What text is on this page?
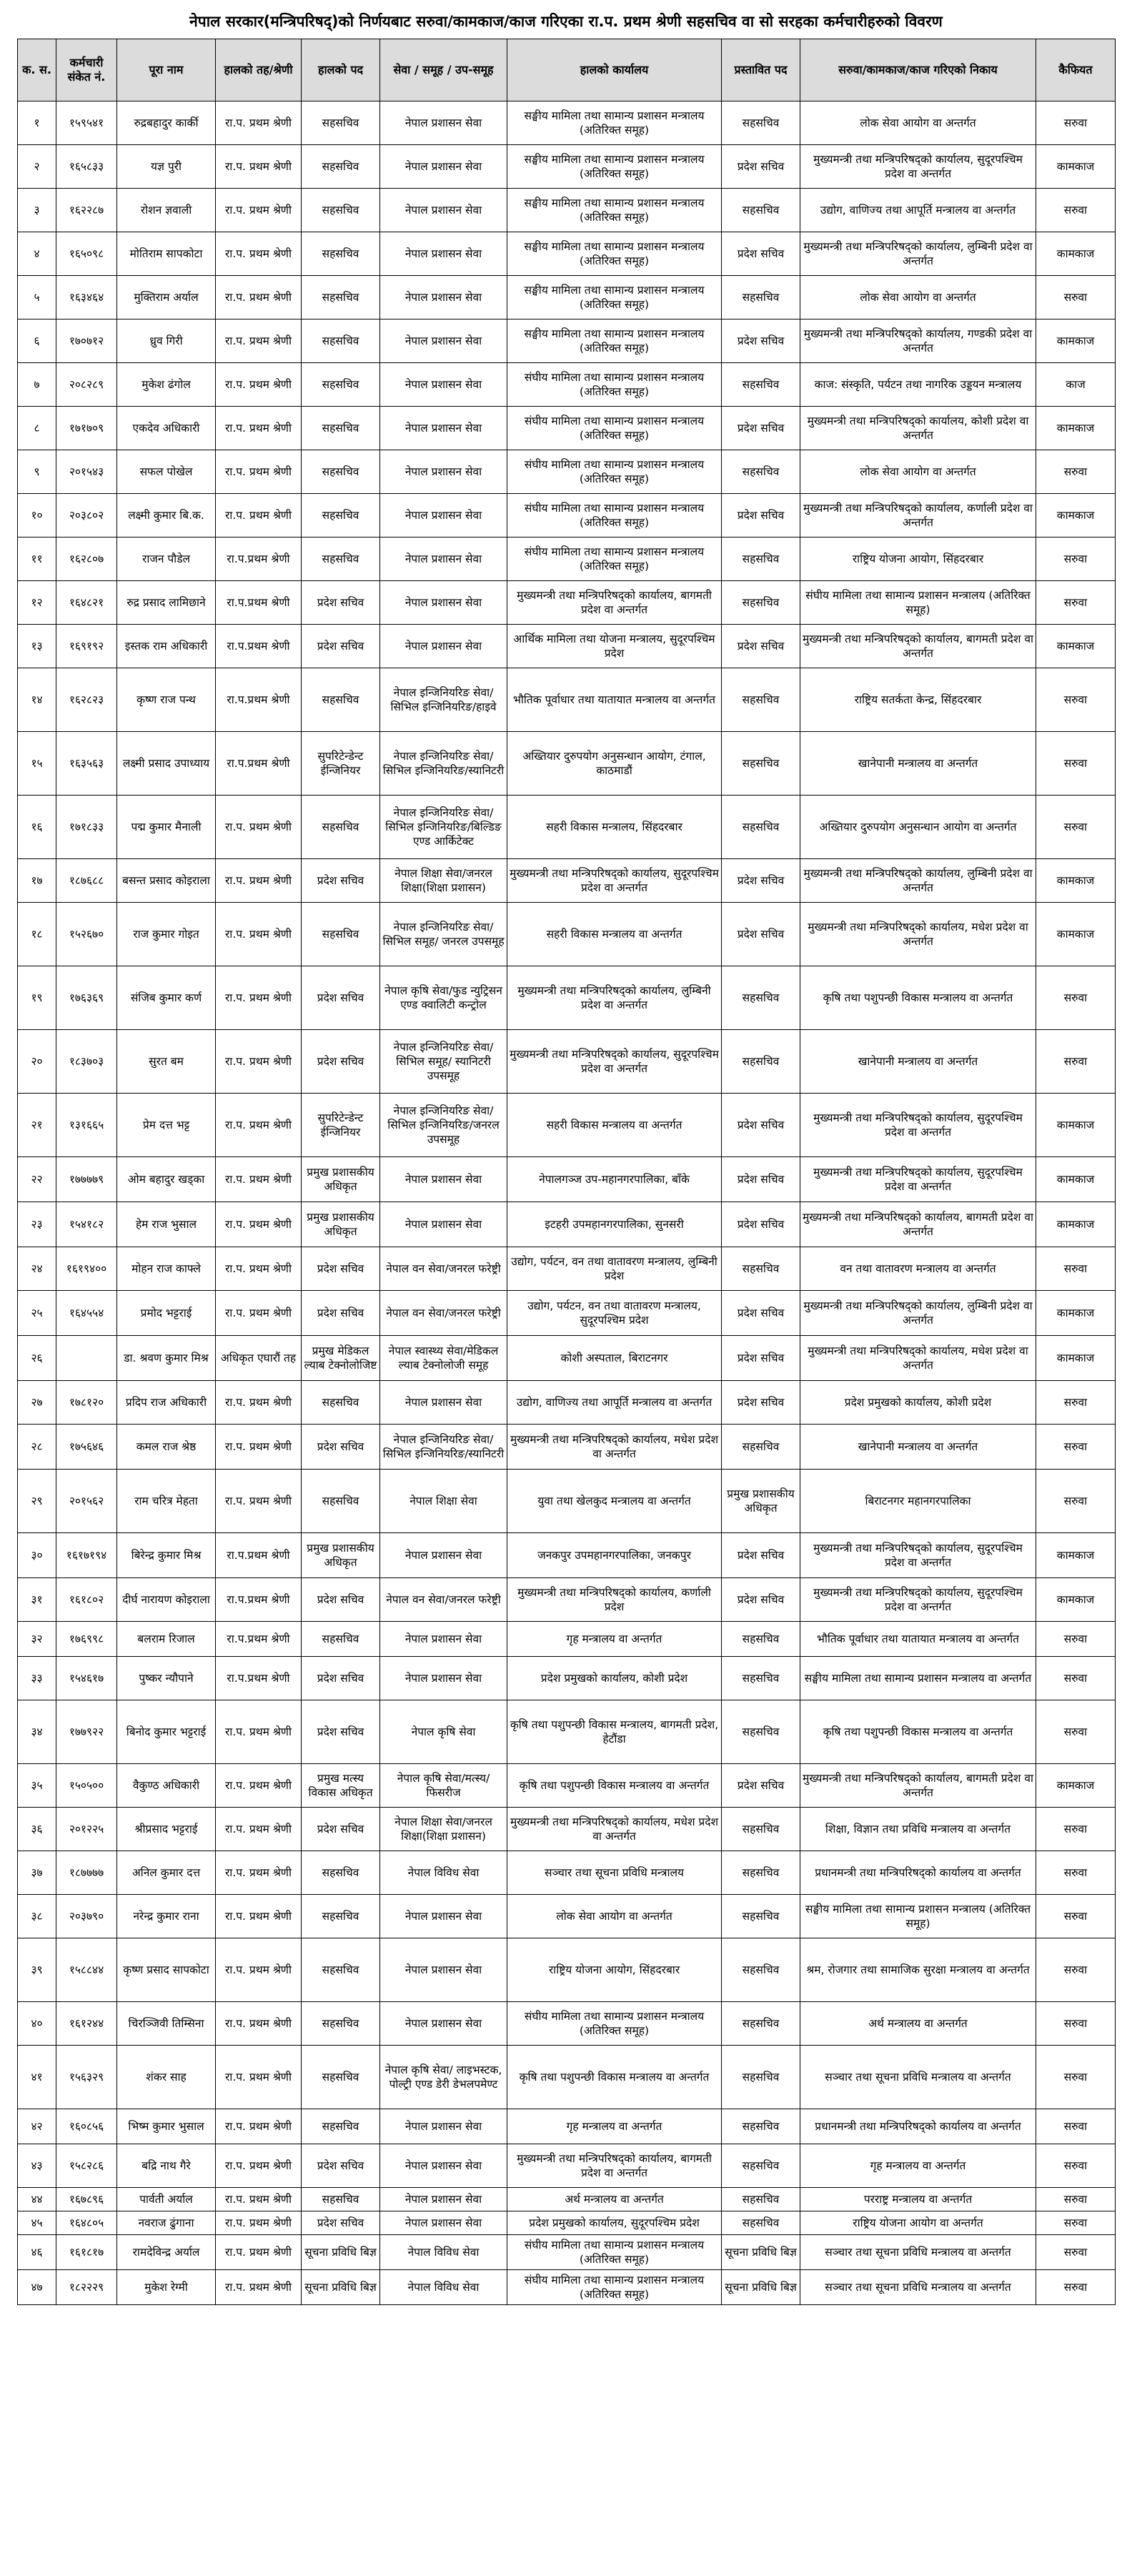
नेपाल सरकार(मन्त्रिपरिषद्)को निर्णयबाट सरुवा/कामकाज/काज गरिएका रा.प. प्रथम श्रेणी सहसचिव वा सो सरहका कर्मचारीहरुको विवरण
क. स.	कर्मचारी संकेत नं.	पूरा नाम	हालको तह/श्रेणी	हालको पद	सेवा / समूह / उप-समूह	हालको कार्यालय	प्रस्तावित पद	सरुवा/कामकाज/काज गरिएको निकाय	कैफियत
१	१५९५४१	रुद्रबहादुर कार्की	रा.प. प्रथम श्रेणी	सहसचिव	नेपाल प्रशासन सेवा	सङ्घीय मामिला तथा सामान्य प्रशासन मन्त्रालय (अतिरिक्त समूह)	सहसचिव	लोक सेवा आयोग वा अन्तर्गत	सरुवा
२	१६५८३३	यज्ञ पुरी	रा.प. प्रथम श्रेणी	सहसचिव	नेपाल प्रशासन सेवा	सङ्घीय मामिला तथा सामान्य प्रशासन मन्त्रालय (अतिरिक्त समूह)	प्रदेश सचिव	मुख्यमन्त्री तथा मन्त्रिपरिषद्को कार्यालय, सुदूरपश्चिम प्रदेश वा अन्तर्गत	कामकाज
३	१६२२८७	रोशन ज्ञवाली	रा.प. प्रथम श्रेणी	सहसचिव	नेपाल प्रशासन सेवा	सङ्घीय मामिला तथा सामान्य प्रशासन मन्त्रालय (अतिरिक्त समूह)	सहसचिव	उद्योग, वाणिज्य तथा आपूर्ति मन्त्रालय वा अन्तर्गत	सरुवा
४	१६५०९८	मोतिराम सापकोटा	रा.प. प्रथम श्रेणी	सहसचिव	नेपाल प्रशासन सेवा	सङ्घीय मामिला तथा सामान्य प्रशासन मन्त्रालय (अतिरिक्त समूह)	प्रदेश सचिव	मुख्यमन्त्री तथा मन्त्रिपरिषद्को कार्यालय, लुम्बिनी प्रदेश वा अन्तर्गत	कामकाज
५	१६३४६४	मुक्तिराम अर्याल	रा.प. प्रथम श्रेणी	सहसचिव	नेपाल प्रशासन सेवा	सङ्घीय मामिला तथा सामान्य प्रशासन मन्त्रालय (अतिरिक्त समूह)	सहसचिव	लोक सेवा आयोग वा अन्तर्गत	सरुवा
६	१७०७१२	ध्रुव गिरी	रा.प. प्रथम श्रेणी	सहसचिव	नेपाल प्रशासन सेवा	सङ्घीय मामिला तथा सामान्य प्रशासन मन्त्रालय (अतिरिक्त समूह)	प्रदेश सचिव	मुख्यमन्त्री तथा मन्त्रिपरिषद्को कार्यालय, गण्डकी प्रदेश वा अन्तर्गत	कामकाज
७	२०८२८९	मुकेश ढंगोल	रा.प. प्रथम श्रेणी	सहसचिव	नेपाल प्रशासन सेवा	संघीय मामिला तथा सामान्य प्रशासन मन्त्रालय (अतिरिक्त समूह)	सहसचिव	काज: संस्कृति, पर्यटन तथा नागरिक उड्डयन मन्त्रालय	काज
८	१७१७०९	एकदेव अधिकारी	रा.प. प्रथम श्रेणी	सहसचिव	नेपाल प्रशासन सेवा	संघीय मामिला तथा सामान्य प्रशासन मन्त्रालय (अतिरिक्त समूह)	प्रदेश सचिव	मुख्यमन्त्री तथा मन्त्रिपरिषद्को कार्यालय, कोशी प्रदेश वा अन्तर्गत	कामकाज
९	२०१५४३	सफल पोखेल	रा.प. प्रथम श्रेणी	सहसचिव	नेपाल प्रशासन सेवा	संघीय मामिला तथा सामान्य प्रशासन मन्त्रालय (अतिरिक्त समूह)	सहसचिव	लोक सेवा आयोग वा अन्तर्गत	सरुवा
१०	२०३८०२	लक्ष्मी कुमार बि.क.	रा.प. प्रथम श्रेणी	सहसचिव	नेपाल प्रशासन सेवा	संघीय मामिला तथा सामान्य प्रशासन मन्त्रालय (अतिरिक्त समूह)	प्रदेश सचिव	मुख्यमन्त्री तथा मन्त्रिपरिषद्को कार्यालय, कर्णाली प्रदेश वा अन्तर्गत	कामकाज
११	१६२८०७	राजन पौडेल	रा.प.प्रथम श्रेणी	सहसचिव	नेपाल प्रशासन सेवा	संघीय मामिला तथा सामान्य प्रशासन मन्त्रालय (अतिरिक्त समूह)	सहसचिव	राष्ट्रिय योजना आयोग, सिंहदरबार	सरुवा
१२	१६४८२१	रुद्र प्रसाद लामिछाने	रा.प.प्रथम श्रेणी	प्रदेश सचिव	नेपाल प्रशासन सेवा	मुख्यमन्त्री तथा मन्त्रिपरिषद्को कार्यालय, बागमती प्रदेश वा अन्तर्गत	सहसचिव	संघीय मामिला तथा सामान्य प्रशासन मन्त्रालय (अतिरिक्त समूह)	सरुवा
१३	१६९१९२	इस्तक राम अधिकारी	रा.प.प्रथम श्रेणी	प्रदेश सचिव	नेपाल प्रशासन सेवा	आर्थिक मामिला तथा योजना मन्त्रालय, सुदूरपश्चिम प्रदेश	प्रदेश सचिव	मुख्यमन्त्री तथा मन्त्रिपरिषद्को कार्यालय, बागमती प्रदेश वा अन्तर्गत	कामकाज
१४	१६२८२३	कृष्ण राज पन्थ	रा.प.प्रथम श्रेणी	सहसचिव	नेपाल इन्जिनियरिङ सेवा/सिभिल इन्जिनियरिङ/हाइवे	भौतिक पूर्वाधार तथा यातायात मन्त्रालय वा अन्तर्गत	सहसचिव	राष्ट्रिय सतर्कता केन्द्र, सिंहदरबार	सरुवा
१५	१६३५६३	लक्ष्मी प्रसाद उपाध्याय	रा.प.प्रथम श्रेणी	सुपरिटेन्डेन्ट ईन्जिनियर	नेपाल इन्जिनियरिङ सेवा/सिभिल इन्जिनियरिङ/स्यानिटरी	अख्तियार दुरुपयोग अनुसन्धान आयोग, टंगाल, काठमाडौं	सहसचिव	खानेपानी मन्त्रालय वा अन्तर्गत	सरुवा
१६	१७१८३३	पद्म कुमार मैनाली	रा.प. प्रथम श्रेणी	सहसचिव	नेपाल इन्जिनियरिङ सेवा/सिभिल इन्जिनियरिङ/बिल्डिङ एण्ड आर्किटेक्ट	सहरी विकास मन्त्रालय, सिंहदरबार	सहसचिव	अख्तियार दुरुपयोग अनुसन्धान आयोग वा अन्तर्गत	सरुवा
१७	१८७६८८	बसन्त प्रसाद कोइराला	रा.प. प्रथम श्रेणी	प्रदेश सचिव	नेपाल शिक्षा सेवा/जनरल शिक्षा(शिक्षा प्रशासन)	मुख्यमन्त्री तथा मन्त्रिपरिषद्को कार्यालय, सुदूरपश्चिम प्रदेश वा अन्तर्गत	प्रदेश सचिव	मुख्यमन्त्री तथा मन्त्रिपरिषद्को कार्यालय, लुम्बिनी प्रदेश वा अन्तर्गत	कामकाज
१८	१५२६७०	राज कुमार गोइत	रा.प. प्रथम श्रेणी	सहसचिव	नेपाल इन्जिनियरिङ सेवा/ सिभिल समूह/ जनरल उपसमूह	सहरी विकास मन्त्रालय वा अन्तर्गत	प्रदेश सचिव	मुख्यमन्त्री तथा मन्त्रिपरिषद्को कार्यालय, मधेश प्रदेश वा अन्तर्गत	कामकाज
१९	१७६३६९	संजिब कुमार कर्ण	रा.प. प्रथम श्रेणी	प्रदेश सचिव	नेपाल कृषि सेवा/फुड न्युट्रिसन एण्ड क्वालिटी कन्ट्रोल	मुख्यमन्त्री तथा मन्त्रिपरिषद्को कार्यालय, लुम्बिनी प्रदेश वा अन्तर्गत	सहसचिव	कृषि तथा पशुपन्छी विकास मन्त्रालय वा अन्तर्गत	सरुवा
२०	१८३७०३	सुरत बम	रा.प. प्रथम श्रेणी	प्रदेश सचिव	नेपाल इन्जिनियरिङ सेवा/ सिभिल समूह/ स्यानिटरी उपसमूह	मुख्यमन्त्री तथा मन्त्रिपरिषद्को कार्यालय, सुदूरपश्चिम प्रदेश वा अन्तर्गत	सहसचिव	खानेपानी मन्त्रालय वा अन्तर्गत	सरुवा
२१	१३१६६५	प्रेम दत्त भट्ट	रा.प. प्रथम श्रेणी	सुपरिटेन्डेन्ट ईन्जिनियर	नेपाल इन्जिनियरिङ सेवा/सिभिल इन्जिनियरिङ/जनरल उपसमूह	सहरी विकास मन्त्रालय वा अन्तर्गत	प्रदेश सचिव	मुख्यमन्त्री तथा मन्त्रिपरिषद्को कार्यालय, सुदूरपश्चिम प्रदेश वा अन्तर्गत	कामकाज
२२	१७७७७९	ओम बहादुर खड्का	रा.प. प्रथम श्रेणी	प्रमुख प्रशासकीय अधिकृत	नेपाल प्रशासन सेवा	नेपालगञ्ज उप-महानगरपालिका, बाँके	प्रदेश सचिव	मुख्यमन्त्री तथा मन्त्रिपरिषद्को कार्यालय, सुदूरपश्चिम प्रदेश वा अन्तर्गत	कामकाज
२३	१५४१८२	हेम राज भुसाल	रा.प. प्रथम श्रेणी	प्रमुख प्रशासकीय अधिकृत	नेपाल प्रशासन सेवा	इटहरी उपमहानगरपालिका, सुनसरी	प्रदेश सचिव	मुख्यमन्त्री तथा मन्त्रिपरिषद्को कार्यालय, बागमती प्रदेश वा अन्तर्गत	कामकाज
२४	१६१९४००	मोहन राज काफ्ले	रा.प. प्रथम श्रेणी	प्रदेश सचिव	नेपाल वन सेवा/जनरल फरेष्ट्री	उद्योग, पर्यटन, वन तथा वातावरण मन्त्रालय, लुम्बिनी प्रदेश	सहसचिव	वन तथा वातावरण मन्त्रालय वा अन्तर्गत	सरुवा
२५	१६४५५४	प्रमोद भट्टराई	रा.प. प्रथम श्रेणी	प्रदेश सचिव	नेपाल वन सेवा/जनरल फरेष्ट्री	उद्योग, पर्यटन, वन तथा वातावरण मन्त्रालय, सुदूरपश्चिम प्रदेश	प्रदेश सचिव	मुख्यमन्त्री तथा मन्त्रिपरिषद्को कार्यालय, लुम्बिनी प्रदेश वा अन्तर्गत	कामकाज
२६		डा. श्रवण कुमार मिश्र	अधिकृत एघारौं तह	प्रमुख मेडिकल ल्याब टेक्नोलोजिष्ट	नेपाल स्वास्थ्य सेवा/मेडिकल ल्याब टेक्नोलोजी समूह	कोशी अस्पताल, बिराटनगर	प्रदेश सचिव	मुख्यमन्त्री तथा मन्त्रिपरिषद्को कार्यालय, मधेश प्रदेश वा अन्तर्गत	कामकाज
२७	१७८१२०	प्रदिप राज अधिकारी	रा.प. प्रथम श्रेणी	सहसचिव	नेपाल प्रशासन सेवा	उद्योग, वाणिज्य तथा आपूर्ति मन्त्रालय वा अन्तर्गत	प्रदेश सचिव	प्रदेश प्रमुखको कार्यालय, कोशी प्रदेश	सरुवा
२८	१७५६४६	कमल राज श्रेष्ठ	रा.प. प्रथम श्रेणी	प्रदेश सचिव	नेपाल इन्जिनियरिङ सेवा/सिभिल इन्जिनियरिङ/स्यानिटरी	मुख्यमन्त्री तथा मन्त्रिपरिषद्को कार्यालय, मधेश प्रदेश वा अन्तर्गत	सहसचिव	खानेपानी मन्त्रालय वा अन्तर्गत	सरुवा
२९	२०१५६२	राम चरित्र मेहता	रा.प. प्रथम श्रेणी	सहसचिव	नेपाल शिक्षा सेवा	युवा तथा खेलकुद मन्त्रालय वा अन्तर्गत	प्रमुख प्रशासकीय अधिकृत	बिराटनगर महानगरपालिका	सरुवा
३०	१६१७१९४	बिरेन्द्र कुमार मिश्र	रा.प.प्रथम श्रेणी	प्रमुख प्रशासकीय अधिकृत	नेपाल प्रशासन सेवा	जनकपुर उपमहानगरपालिका, जनकपुर	प्रदेश सचिव	मुख्यमन्त्री तथा मन्त्रिपरिषद्को कार्यालय, सुदूरपश्चिम प्रदेश वा अन्तर्गत	कामकाज
३१	१६१८०२	दीर्घ नारायण कोइराला	रा.प.प्रथम श्रेणी	प्रदेश सचिव	नेपाल वन सेवा/जनरल फरेष्ट्री	मुख्यमन्त्री तथा मन्त्रिपरिषद्को कार्यालय, कर्णाली प्रदेश	प्रदेश सचिव	मुख्यमन्त्री तथा मन्त्रिपरिषद्को कार्यालय, सुदूरपश्चिम प्रदेश वा अन्तर्गत	कामकाज
३२	१७६९९८	बलराम रिजाल	रा.प.प्रथम श्रेणी	सहसचिव	नेपाल प्रशासन सेवा	गृह मन्त्रालय वा अन्तर्गत	सहसचिव	भौतिक पूर्वाधार तथा यातायात मन्त्रालय वा अन्तर्गत	सरुवा
३३	१५४६१७	पुष्कर न्यौपाने	रा.प.प्रथम श्रेणी	प्रदेश सचिव	नेपाल प्रशासन सेवा	प्रदेश प्रमुखको कार्यालय, कोशी प्रदेश	सहसचिव	सङ्घीय मामिला तथा सामान्य प्रशासन मन्त्रालय वा अन्तर्गत	सरुवा
३४	१७७९२२	बिनोद कुमार भट्टराई	रा.प. प्रथम श्रेणी	प्रदेश सचिव	नेपाल कृषि सेवा	कृषि तथा पशुपन्छी विकास मन्त्रालय, बागमती प्रदेश, हेटौंडा	सहसचिव	कृषि तथा पशुपन्छी विकास मन्त्रालय वा अन्तर्गत	सरुवा
३५	१५०५००	वैकुण्ठ अधिकारी	रा.प. प्रथम श्रेणी	प्रमुख मत्स्य विकास अधिकृत	नेपाल कृषि सेवा/मत्स्य/फिसरीज	कृषि तथा पशुपन्छी विकास मन्त्रालय वा अन्तर्गत	प्रदेश सचिव	मुख्यमन्त्री तथा मन्त्रिपरिषद्को कार्यालय, बागमती प्रदेश वा अन्तर्गत	कामकाज
३६	२०१२२५	श्रीप्रसाद भट्टराई	रा.प. प्रथम श्रेणी	प्रदेश सचिव	नेपाल शिक्षा सेवा/जनरल शिक्षा(शिक्षा प्रशासन)	मुख्यमन्त्री तथा मन्त्रिपरिषद्को कार्यालय, मधेश प्रदेश वा अन्तर्गत	सहसचिव	शिक्षा, विज्ञान तथा प्रविधि मन्त्रालय वा अन्तर्गत	सरुवा
३७	१८७७७७	अनिल कुमार दत्त	रा.प. प्रथम श्रेणी	सहसचिव	नेपाल विविध सेवा	सञ्चार तथा सूचना प्रविधि मन्त्रालय	सहसचिव	प्रधानमन्त्री तथा मन्त्रिपरिषद्को कार्यालय वा अन्तर्गत	सरुवा
३८	२०३७९०	नरेन्द्र कुमार राना	रा.प. प्रथम श्रेणी	सहसचिव	नेपाल प्रशासन सेवा	लोक सेवा आयोग वा अन्तर्गत	सहसचिव	सङ्घीय मामिला तथा सामान्य प्रशासन मन्त्रालय (अतिरिक्त समूह)	सरुवा
३९	१५८८४४	कृष्ण प्रसाद सापकोटा	रा.प. प्रथम श्रेणी	सहसचिव	नेपाल प्रशासन सेवा	राष्ट्रिय योजना आयोग, सिंहदरबार	सहसचिव	श्रम, रोजगार तथा सामाजिक सुरक्षा मन्त्रालय वा अन्तर्गत	सरुवा
४०	१६१२४४	चिरञ्जिवी तिम्सिना	रा.प. प्रथम श्रेणी	सहसचिव	नेपाल प्रशासन सेवा	संघीय मामिला तथा सामान्य प्रशासन मन्त्रालय (अतिरिक्त समूह)	सहसचिव	अर्थ मन्त्रालय वा अन्तर्गत	सरुवा
४१	१५६३२९	शंकर साह	रा.प. प्रथम श्रेणी	सहसचिव	नेपाल कृषि सेवा/ लाइभस्टक, पोल्ट्री एण्ड डेरी डेभलपमेण्ट	कृषि तथा पशुपन्छी विकास मन्त्रालय वा अन्तर्गत	सहसचिव	सञ्चार तथा सूचना प्रविधि मन्त्रालय वा अन्तर्गत	सरुवा
४२	१६०८५६	भिष्म कुमार भुसाल	रा.प. प्रथम श्रेणी	सहसचिव	नेपाल प्रशासन सेवा	गृह मन्त्रालय वा अन्तर्गत	सहसचिव	प्रधानमन्त्री तथा मन्त्रिपरिषद्को कार्यालय वा अन्तर्गत	सरुवा
४३	१५८२८६	बद्रि नाथ गैरे	रा.प. प्रथम श्रेणी	प्रदेश सचिव	नेपाल प्रशासन सेवा	मुख्यमन्त्री तथा मन्त्रिपरिषद्को कार्यालय, बागमती प्रदेश वा अन्तर्गत	सहसचिव	गृह मन्त्रालय वा अन्तर्गत	सरुवा
४४	१६७८९६	पार्वती अर्याल	रा.प. प्रथम श्रेणी	सहसचिव	नेपाल प्रशासन सेवा	अर्थ मन्त्रालय वा अन्तर्गत	सहसचिव	परराष्ट्र मन्त्रालय वा अन्तर्गत	सरुवा
४५	१६४८०५	नवराज ढुंगाना	रा.प. प्रथम श्रेणी	प्रदेश सचिव	नेपाल प्रशासन सेवा	प्रदेश प्रमुखको कार्यालय, सुदूरपश्चिम प्रदेश	सहसचिव	राष्ट्रिय योजना आयोग वा अन्तर्गत	सरुवा
४६	१६१८१७	रामदेविन्द्र अर्याल	रा.प. प्रथम श्रेणी	सूचना प्रविधि बिज्ञ	नेपाल विविध सेवा	संघीय मामिला तथा सामान्य प्रशासन मन्त्रालय (अतिरिक्त समूह)	सूचना प्रविधि बिज्ञ	सञ्चार तथा सूचना प्रविधि मन्त्रालय वा अन्तर्गत	सरुवा
४७	१८२२२९	मुकेश रेग्मी	रा.प. प्रथम श्रेणी	सूचना प्रविधि बिज्ञ	नेपाल विविध सेवा	संघीय मामिला तथा सामान्य प्रशासन मन्त्रालय (अतिरिक्त समूह)	सूचना प्रविधि बिज्ञ	सञ्चार तथा सूचना प्रविधि मन्त्रालय वा अन्तर्गत	सरुवा
